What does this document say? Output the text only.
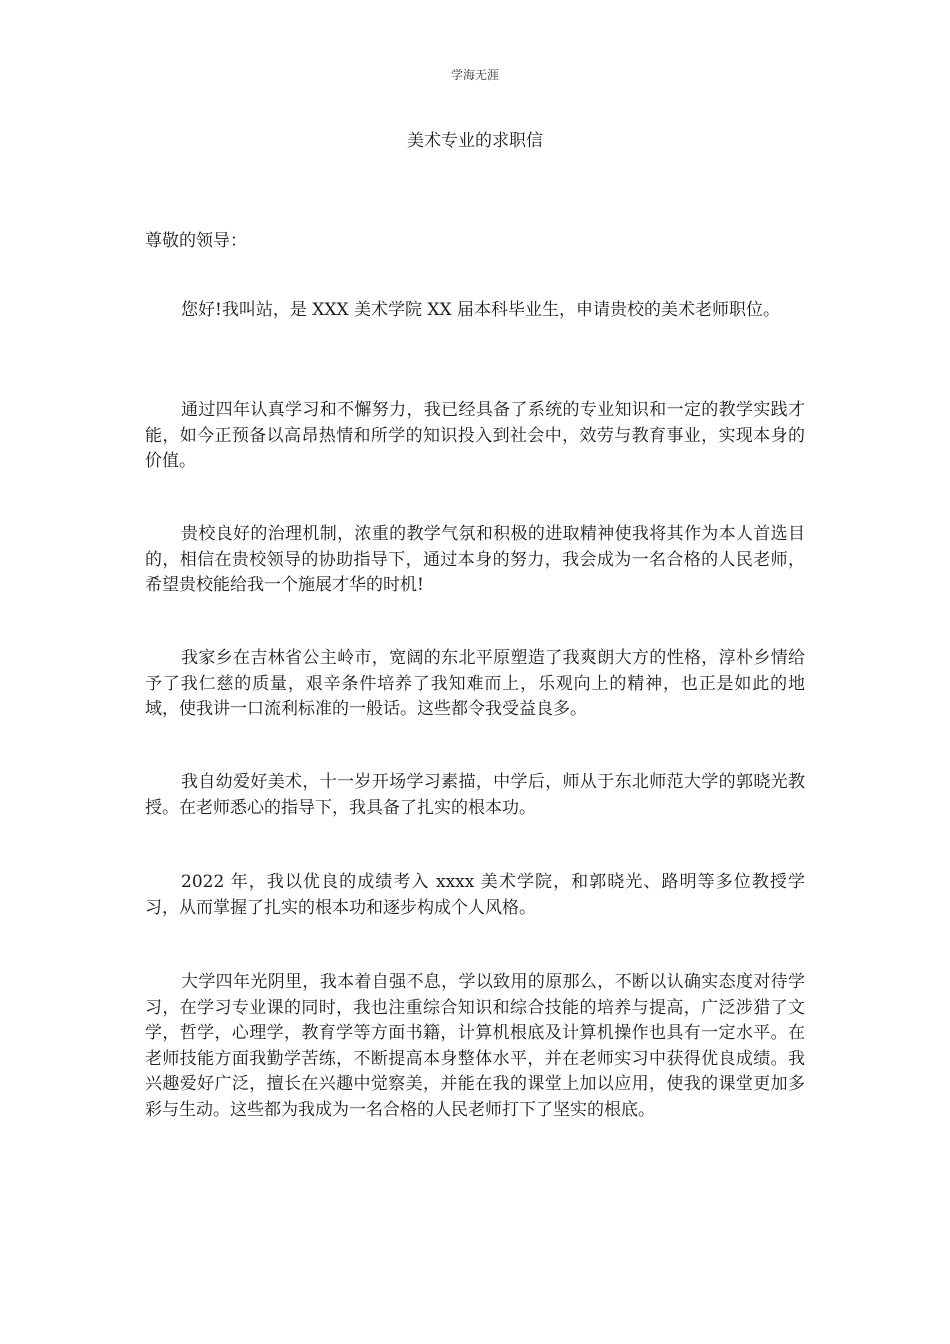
学海无涯
美术专业的求职信
尊敬的领导：

您好!我叫站，是 XXX 美术学院 XX 届本科毕业生，申请贵校的美术老师职位。

通过四年认真学习和不懈努力，我已经具备了系统的专业知识和一定的教学实践才能，如今正预备以高昂热情和所学的知识投入到社会中，效劳与教育事业，实现本身的价值。

贵校良好的治理机制，浓重的教学气氛和积极的进取精神使我将其作为本人首选目的，相信在贵校领导的协助指导下，通过本身的努力，我会成为一名合格的人民老师，希望贵校能给我一个施展才华的时机!

我家乡在吉林省公主岭市，宽阔的东北平原塑造了我爽朗大方的性格，淳朴乡情给予了我仁慈的质量，艰辛条件培养了我知难而上，乐观向上的精神，也正是如此的地域，使我讲一口流利标准的一般话。这些都令我受益良多。

我自幼爱好美术，十一岁开场学习素描，中学后，师从于东北师范大学的郭晓光教授。在老师悉心的指导下，我具备了扎实的根本功。

2022 年，我以优良的成绩考入 xxxx 美术学院，和郭晓光、路明等多位教授学习，从而掌握了扎实的根本功和逐步构成个人风格。

大学四年光阴里，我本着自强不息，学以致用的原那么，不断以认确实态度对待学习，在学习专业课的同时，我也注重综合知识和综合技能的培养与提高，广泛涉猎了文学，哲学，心理学，教育学等方面书籍，计算机根底及计算机操作也具有一定水平。在老师技能方面我勤学苦练，不断提高本身整体水平，并在老师实习中获得优良成绩。我兴趣爱好广泛，擅长在兴趣中觉察美，并能在我的课堂上加以应用，使我的课堂更加多彩与生动。这些都为我成为一名合格的人民老师打下了坚实的根底。
